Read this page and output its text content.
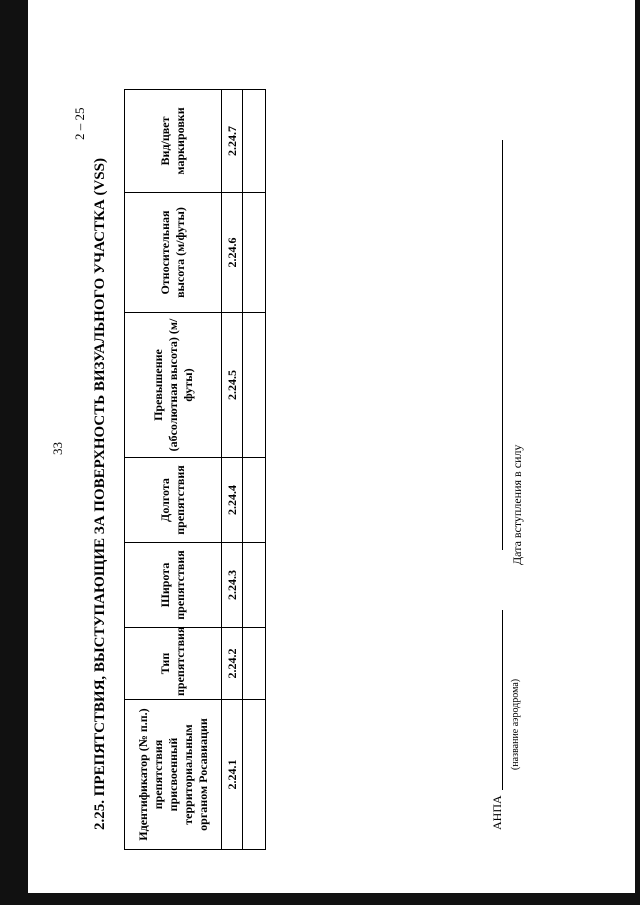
33
2 – 25
2.25. ПРЕПЯТСТВИЯ, ВЫСТУПАЮЩИЕ ЗА ПОВЕРХНОСТЬ ВИЗУАЛЬНОГО УЧАСТКА (VSS) Идентификатор (№ п.п.) препятствия присвоенный территориальным органом Росавиации	Тип препятствия	Широта препятствия	Долгота препятствия	Превышение (абсолютная высота) (м/футы)	Относительная высота (м/футы)	Вид/цвет маркировки
2.24.1	2.24.2	2.24.3	2.24.4	2.24.5	2.24.6	2.24.7

АНПА
(название аэродрома)
Дата вступления в силу
